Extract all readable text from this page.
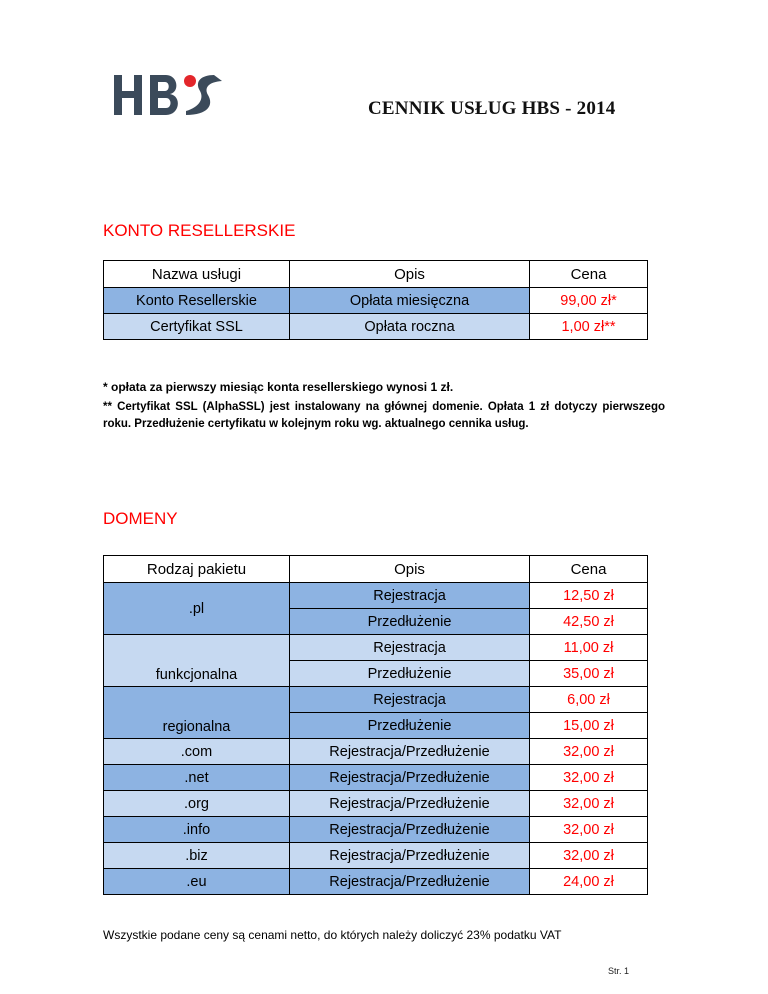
CENNIK USŁUG HBS - 2014
KONTO RESELLERSKIE
Nazwa usługi	Opis	Cena
Konto Resellerskie	Opłata miesięczna	99,00 zł*
Certyfikat SSL	Opłata roczna	1,00 zł**

* opłata za pierwszy miesiąc konta resellerskiego wynosi 1 zł.

** Certyfikat SSL (AlphaSSL) jest instalowany na głównej domenie. Opłata 1 zł dotyczy pierwszego roku. Przedłużenie certyfikatu w kolejnym roku wg. aktualnego cennika usług.

DOMENY
Rodzaj pakietu	Opis	Cena
.pl	Rejestracja	12,50 zł
	Przedłużenie	42,50 zł
funkcjonalna	Rejestracja	11,00 zł
	Przedłużenie	35,00 zł
regionalna	Rejestracja	6,00 zł
	Przedłużenie	15,00 zł
.com	Rejestracja/Przedłużenie	32,00 zł
.net	Rejestracja/Przedłużenie	32,00 zł
.org	Rejestracja/Przedłużenie	32,00 zł
.info	Rejestracja/Przedłużenie	32,00 zł
.biz	Rejestracja/Przedłużenie	32,00 zł
.eu	Rejestracja/Przedłużenie	24,00 zł
Wszystkie podane ceny są cenami netto, do których należy doliczyć 23% podatku VAT
Str. 1
